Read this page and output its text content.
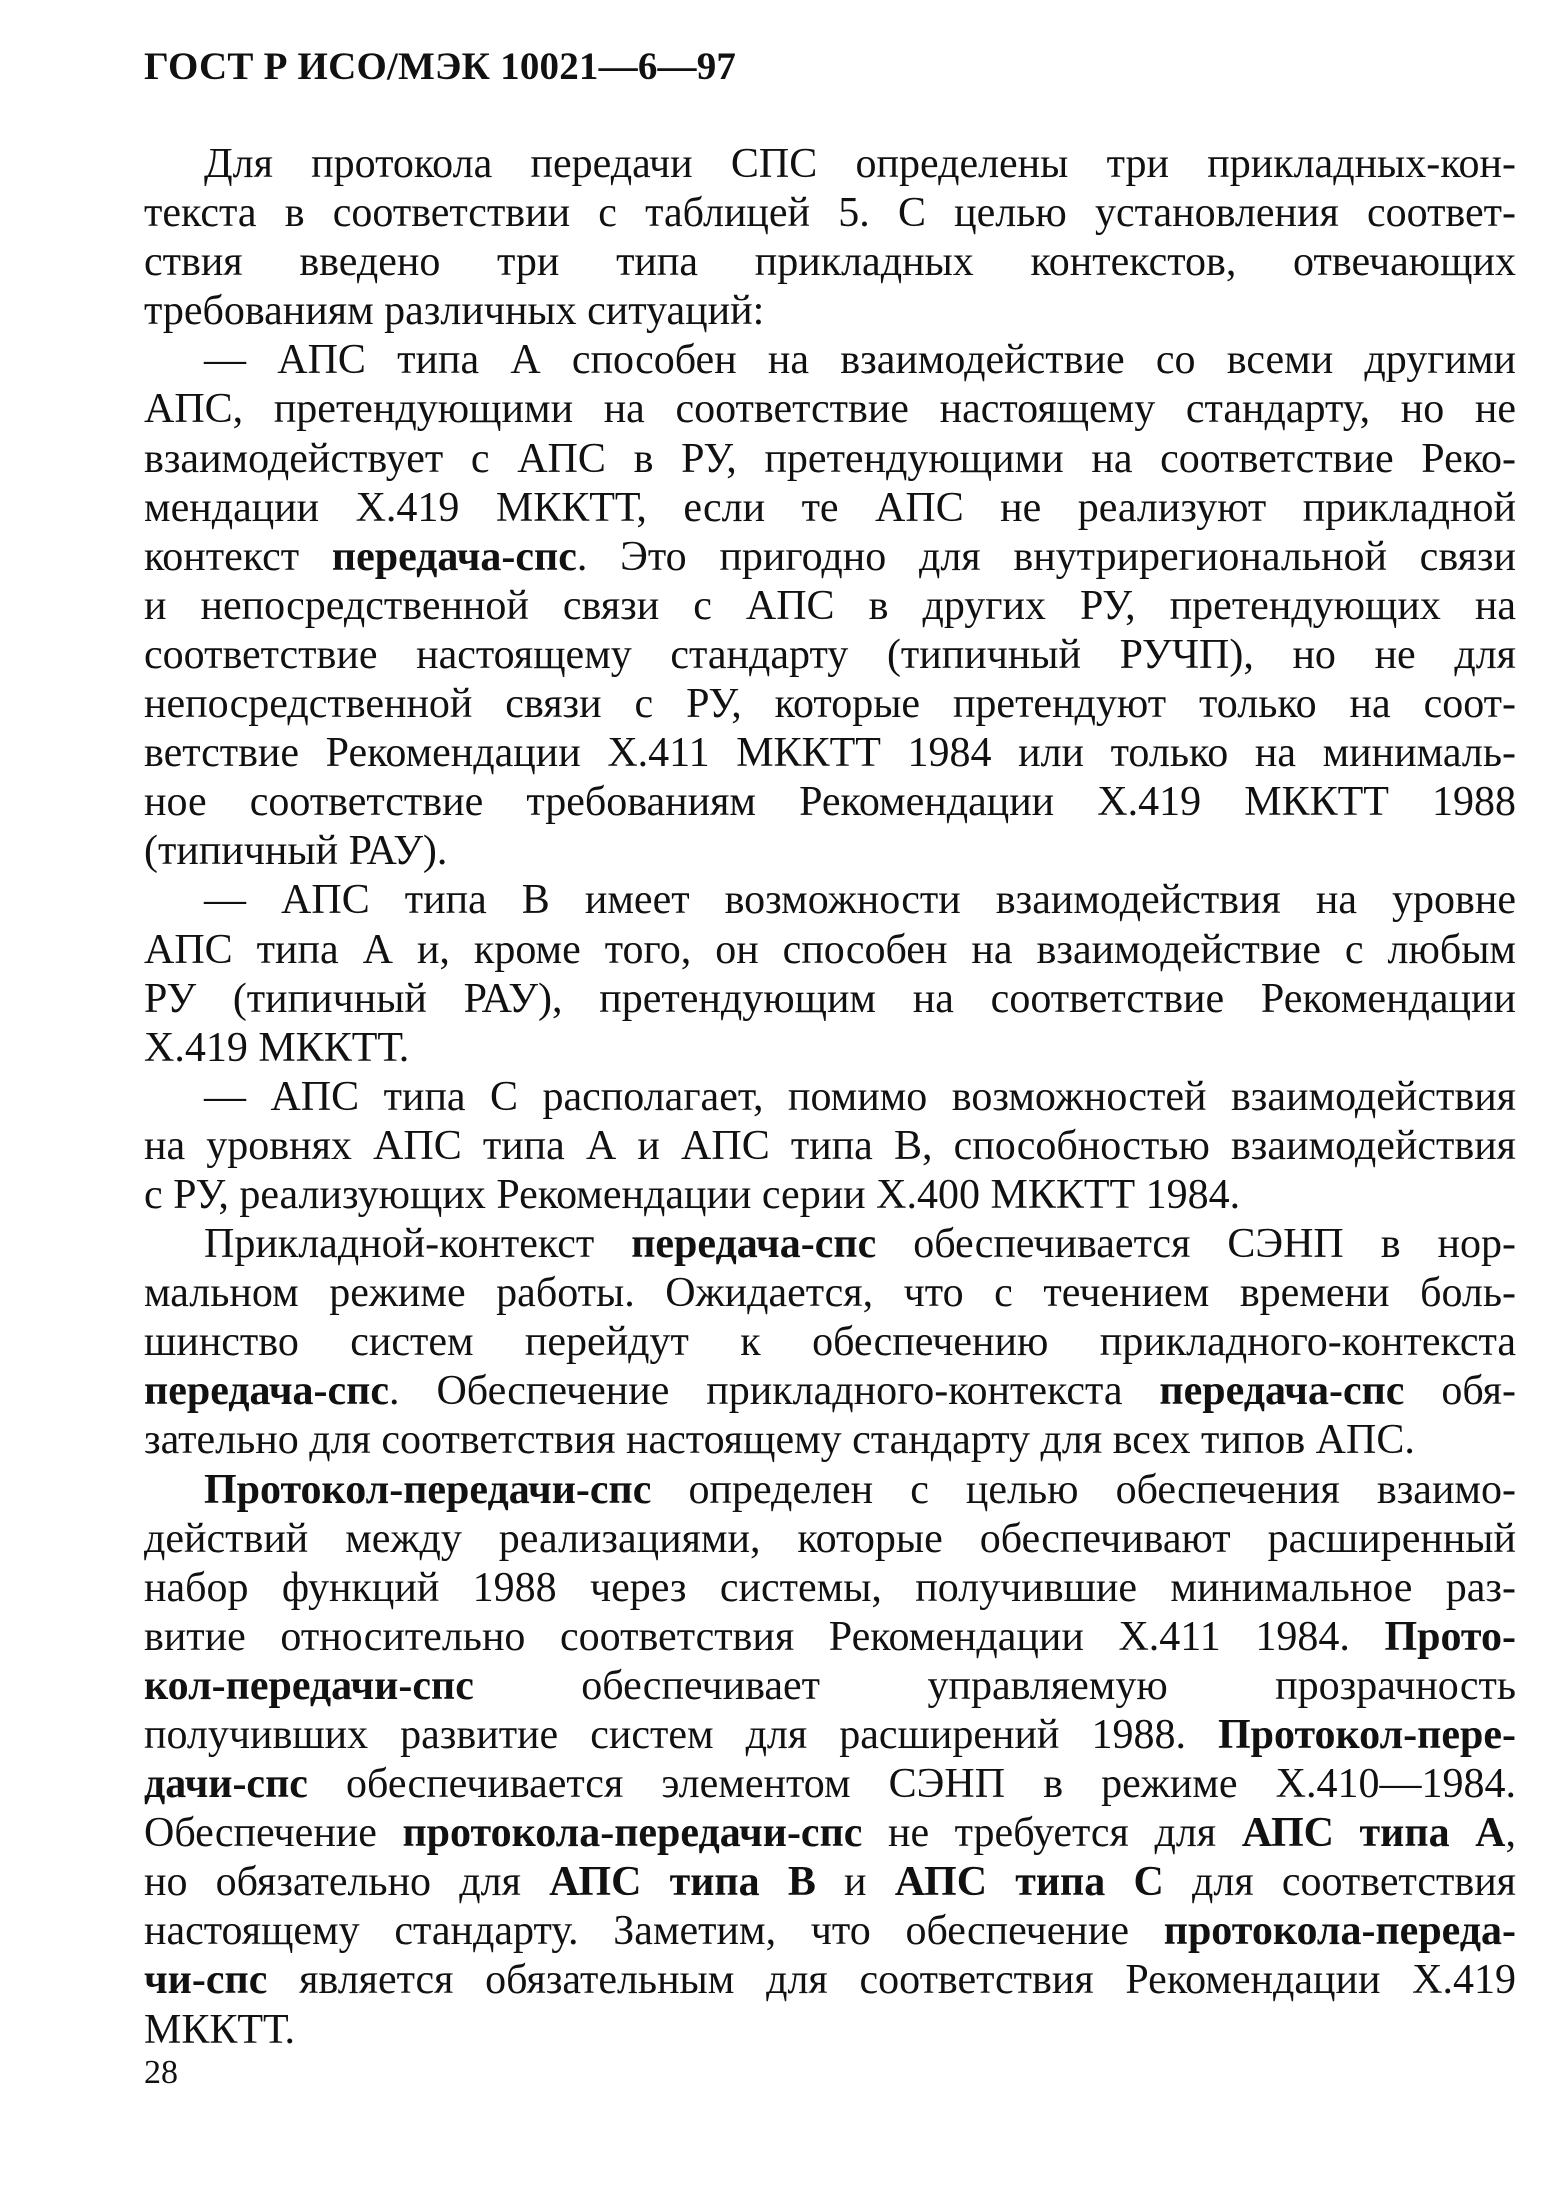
ГОСТ Р ИСО/МЭК 10021—6—97
Для протокола передачи СПС определены три прикладных-кон-
текста в соответствии с таблицей 5. С целью установления соответ-
ствия введено три типа прикладных контекстов, отвечающих
требованиям различных ситуаций:
— АПС типа А способен на взаимодействие со всеми другими
АПС, претендующими на соответствие настоящему стандарту, но не
взаимодействует с АПС в РУ, претендующими на соответствие Реко-
мендации X.419 МККТТ, если те АПС не реализуют прикладной
контекст передача-спс. Это пригодно для внутрирегиональной связи
и непосредственной связи с АПС в других РУ, претендующих на
соответствие настоящему стандарту (типичный РУЧП), но не для
непосредственной связи с РУ, которые претендуют только на соот-
ветствие Рекомендации X.411 МККТТ 1984 или только на минималь-
ное соответствие требованиям Рекомендации X.419 МККТТ 1988
(типичный РАУ).
— АПС типа В имеет возможности взаимодействия на уровне
АПС типа А и, кроме того, он способен на взаимодействие с любым
РУ (типичный РАУ), претендующим на соответствие Рекомендации
X.419 МККТТ.
— АПС типа С располагает, помимо возможностей взаимодействия
на уровнях АПС типа А и АПС типа В, способностью взаимодействия
с РУ, реализующих Рекомендации серии X.400 МККТТ 1984.
Прикладной-контекст передача-спс обеспечивается СЭНП в нор-
мальном режиме работы. Ожидается, что с течением времени боль-
шинство систем перейдут к обеспечению прикладного-контекста
передача-спс. Обеспечение прикладного-контекста передача-спс обя-
зательно для соответствия настоящему стандарту для всех типов АПС.
Протокол-передачи-спс определен с целью обеспечения взаимо-
действий между реализациями, которые обеспечивают расширенный
набор функций 1988 через системы, получившие минимальное раз-
витие относительно соответствия Рекомендации X.411 1984. Прото-
кол-передачи-спс обеспечивает управляемую прозрачность
получивших развитие систем для расширений 1988. Протокол-пере-
дачи-спс обеспечивается элементом СЭНП в режиме X.410—1984.
Обеспечение протокола-передачи-спс не требуется для АПС типа А,
но обязательно для АПС типа В и АПС типа С для соответствия
настоящему стандарту. Заметим, что обеспечение протокола-переда-
чи-спс является обязательным для соответствия Рекомендации X.419
МККТТ.
28
